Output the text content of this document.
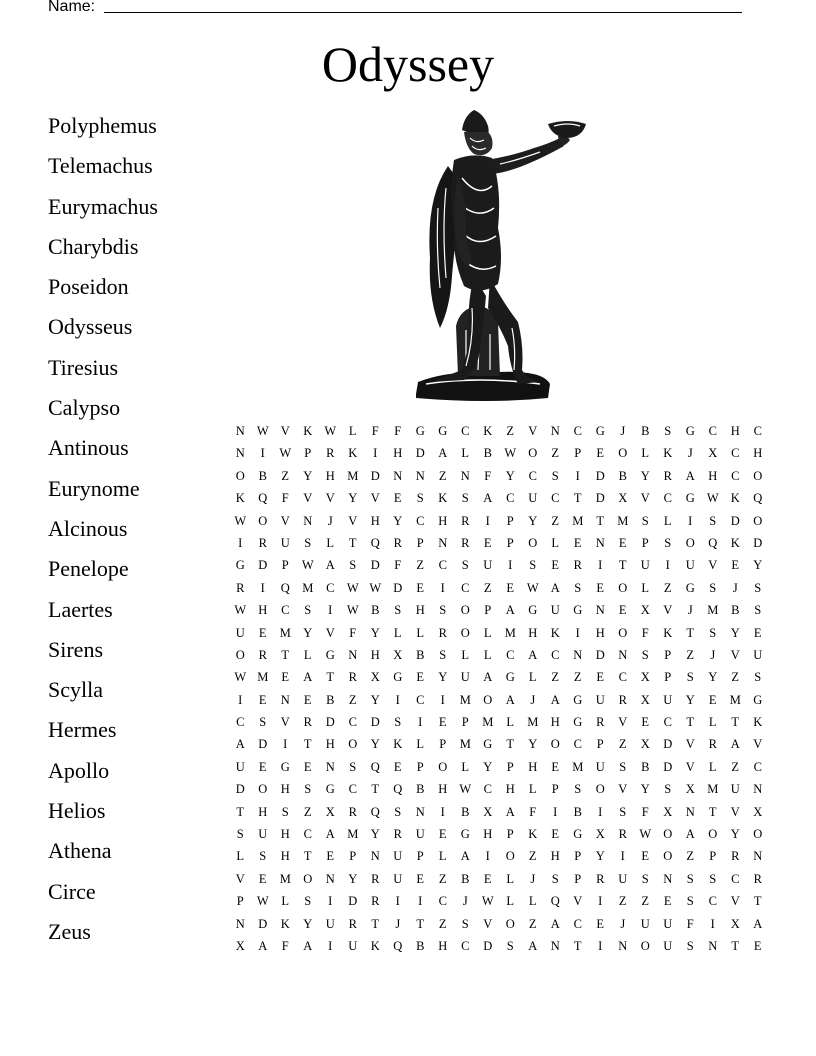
Name:
Odyssey
Polyphemus
Telemachus
Eurymachus
Charybdis
Poseidon
Odysseus
Tiresius
Calypso
Antinous
Eurynome
Alcinous
Penelope
Laertes
Sirens
Scylla
Hermes
Apollo
Helios
Athena
Circe
Zeus
N W V K W L F F G G C K Z V N C G J B S G C H C
N I W P R K I H D A L B W O Z P E O L K J X C H
O B Z Y H M D N N Z N F Y C S I D B Y R A H C O
K Q F V V Y V E S K S A C U C T D X V C G W K Q
W O V N J V H Y C H R I P Y Z M T M S L I S D O
I R U S L T Q R P N R E P O L E N E P S O Q K D
G D P W A S D F Z C S U I S E R I T U I U V E Y
R I Q M C W W D E I C Z E W A S E O L Z G S J S
W H C S I W B S H S O P A G U G N E X V J M B S
U E M Y V F Y L L R O L M H K I H O F K T S Y E
O R T L G N H X B S L L C A C N D N S P Z J V U
W M E A T R X G E Y U A G L Z Z E C X P S Y Z S
I E N E B Z Y I C I M O A J A G U R X U Y E M G
C S V R D C D S I E P M L M H G R V E C T L T K
A D I T H O Y K L P M G T Y O C P Z X D V R A V
U E G E N S Q E P O L Y P H E M U S B D V L Z C
D O H S G C T Q B H W C H L P S O V Y S X M U N
T H S Z X R Q S N I B X A F I B I S F X N T V X
S U H C A M Y R U E G H P K E G X R W O A O Y O
L S H T E P N U P L A I O Z H P Y I E O Z P R N
V E M O N Y R U E Z B E L J S P R U S N S S C R
P W L S I D R I I C J W L L Q V I Z Z E S C V T
N D K Y U R T J T Z S V O Z A C E J U U F I X A
X A F A I U K Q B H C D S A N T I N O U S N T E
